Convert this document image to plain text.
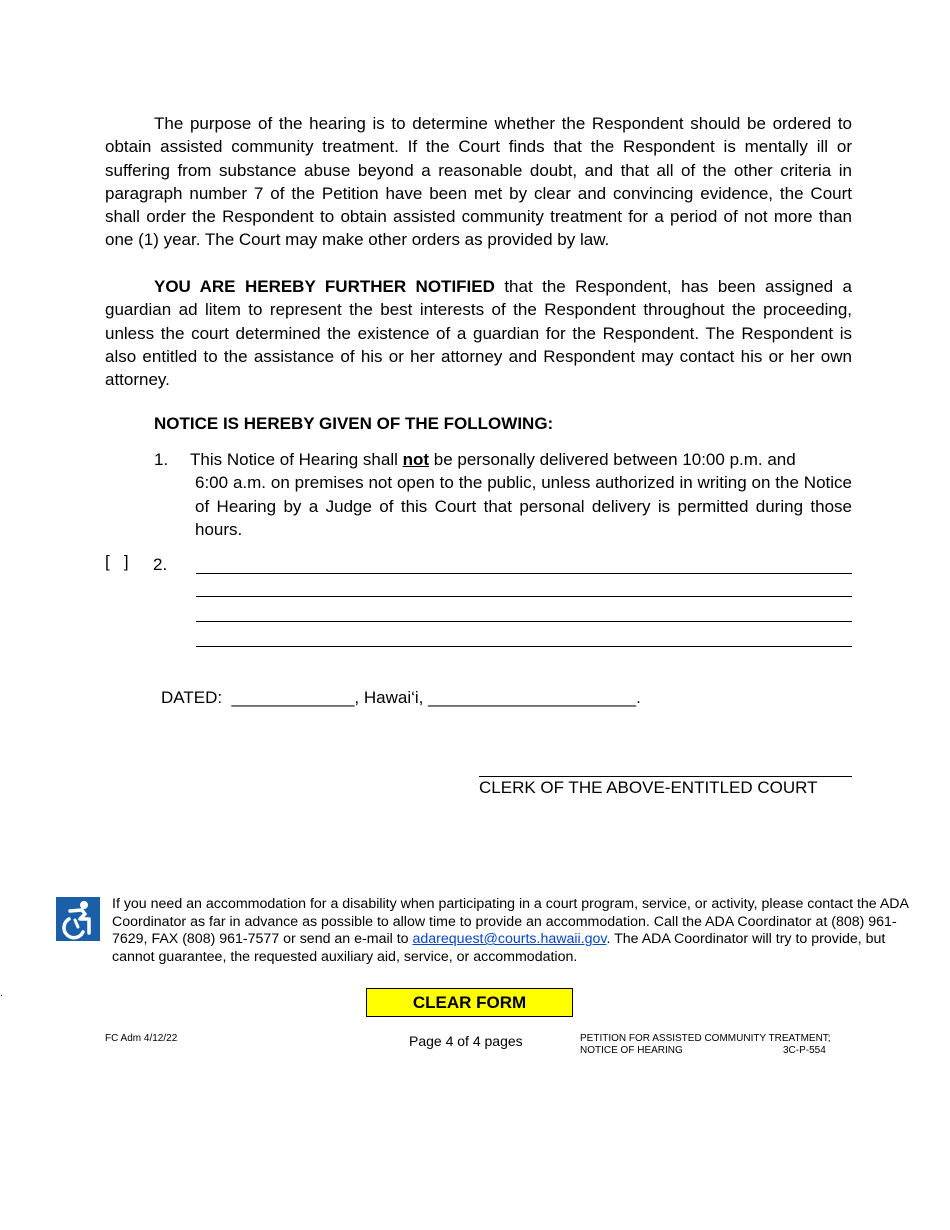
The purpose of the hearing is to determine whether the Respondent should be ordered to obtain assisted community treatment. If the Court finds that the Respondent is mentally ill or suffering from substance abuse beyond a reasonable doubt, and that all of the other criteria in paragraph number 7 of the Petition have been met by clear and convincing evidence, the Court shall order the Respondent to obtain assisted community treatment for a period of not more than one (1) year. The Court may make other orders as provided by law.

YOU ARE HEREBY FURTHER NOTIFIED that the Respondent, has been assigned a guardian ad litem to represent the best interests of the Respondent throughout the proceeding, unless the court determined the existence of a guardian for the Respondent. The Respondent is also entitled to the assistance of his or her attorney and Respondent may contact his or her own attorney.

NOTICE IS HEREBY GIVEN OF THE FOLLOWING:
1. This Notice of Hearing shall not be personally delivered between 10:00 p.m. and
6:00 a.m. on premises not open to the public, unless authorized in writing on the Notice of Hearing by a Judge of this Court that personal delivery is permitted during those hours.
[   ] 2.
DATED:  _____________, Hawai‘i, ______________________.
CLERK OF THE ABOVE-ENTITLED COURT

If you need an accommodation for a disability when participating in a court program, service, or activity, please contact the ADA Coordinator as far in advance as possible to allow time to provide an accommodation. Call the ADA Coordinator at (808) 961-7629, FAX (808) 961-7577 or send an e-mail to adarequest@courts.hawaii.gov. The ADA Coordinator will try to provide, but cannot guarantee, the requested auxiliary aid, service, or accommodation.

.	CLEAR FORM
FC Adm 4/12/22	Page 4 of 4 pages	PETITION FOR ASSISTED COMMUNITY TREATMENT;
NOTICE OF HEARING	3C-P-554
